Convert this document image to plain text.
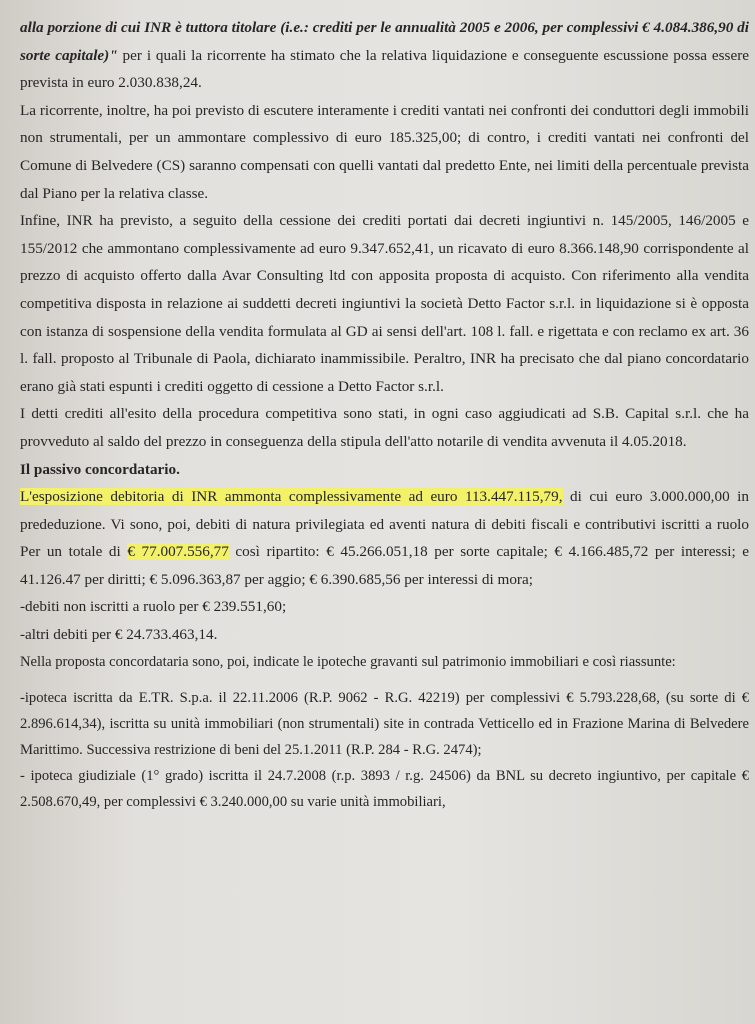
alla porzione di cui INR è tuttora titolare (i.e.: crediti per le annualità 2005 e 2006, per complessivi € 4.084.386,90 di sorte capitale)" per i quali la ricorrente ha stimato che la relativa liquidazione e conseguente escussione possa essere prevista in euro 2.030.838,24.

La ricorrente, inoltre, ha poi previsto di escutere interamente i crediti vantati nei confronti dei conduttori degli immobili non strumentali, per un ammontare complessivo di euro 185.325,00; di contro, i crediti vantati nei confronti del Comune di Belvedere (CS) saranno compensati con quelli vantati dal predetto Ente, nei limiti della percentuale prevista dal Piano per la relativa classe.

Infine, INR ha previsto, a seguito della cessione dei crediti portati dai decreti ingiuntivi n. 145/2005, 146/2005 e 155/2012 che ammontano complessivamente ad euro 9.347.652,41, un ricavato di euro 8.366.148,90 corrispondente al prezzo di acquisto offerto dalla Avar Consulting ltd con apposita proposta di acquisto. Con riferimento alla vendita competitiva disposta in relazione ai suddetti decreti ingiuntivi la società Detto Factor s.r.l. in liquidazione si è opposta con istanza di sospensione della vendita formulata al GD ai sensi dell'art. 108 l. fall. e rigettata e con reclamo ex art. 36 l. fall. proposto al Tribunale di Paola, dichiarato inammissibile. Peraltro, INR ha precisato che dal piano concordatario erano già stati espunti i crediti oggetto di cessione a Detto Factor s.r.l.

I detti crediti all'esito della procedura competitiva sono stati, in ogni caso aggiudicati ad S.B. Capital s.r.l. che ha provveduto al saldo del prezzo in conseguenza della stipula dell'atto notarile di vendita avvenuta il 4.05.2018.

Il passivo concordatario.

L'esposizione debitoria di INR ammonta complessivamente ad euro 113.447.115,79, di cui euro 3.000.000,00 in prededuzione. Vi sono, poi, debiti di natura privilegiata ed aventi natura di debiti fiscali e contributivi iscritti a ruolo Per un totale di € 77.007.556,77 così ripartito: € 45.266.051,18 per sorte capitale; € 4.166.485,72 per interessi; e 41.126.47 per diritti; € 5.096.363,87 per aggio; € 6.390.685,56 per interessi di mora;

-debiti non iscritti a ruolo per € 239.551,60;

-altri debiti per € 24.733.463,14.

Nella proposta concordataria sono, poi, indicate le ipoteche gravanti sul patrimonio immobiliari e così riassunte:

-ipoteca iscritta da E.TR. S.p.a. il 22.11.2006 (R.P. 9062 - R.G. 42219) per complessivi € 5.793.228,68, (su sorte di € 2.896.614,34), iscritta su unità immobiliari (non strumentali) site in contrada Vetticello ed in Frazione Marina di Belvedere Marittimo. Successiva restrizione di beni del 25.1.2011 (R.P. 284 - R.G. 2474);

- ipoteca giudiziale (1° grado) iscritta il 24.7.2008 (r.p. 3893 / r.g. 24506) da BNL su decreto ingiuntivo, per capitale € 2.508.670,49, per complessivi € 3.240.000,00 su varie unità immobiliari,
